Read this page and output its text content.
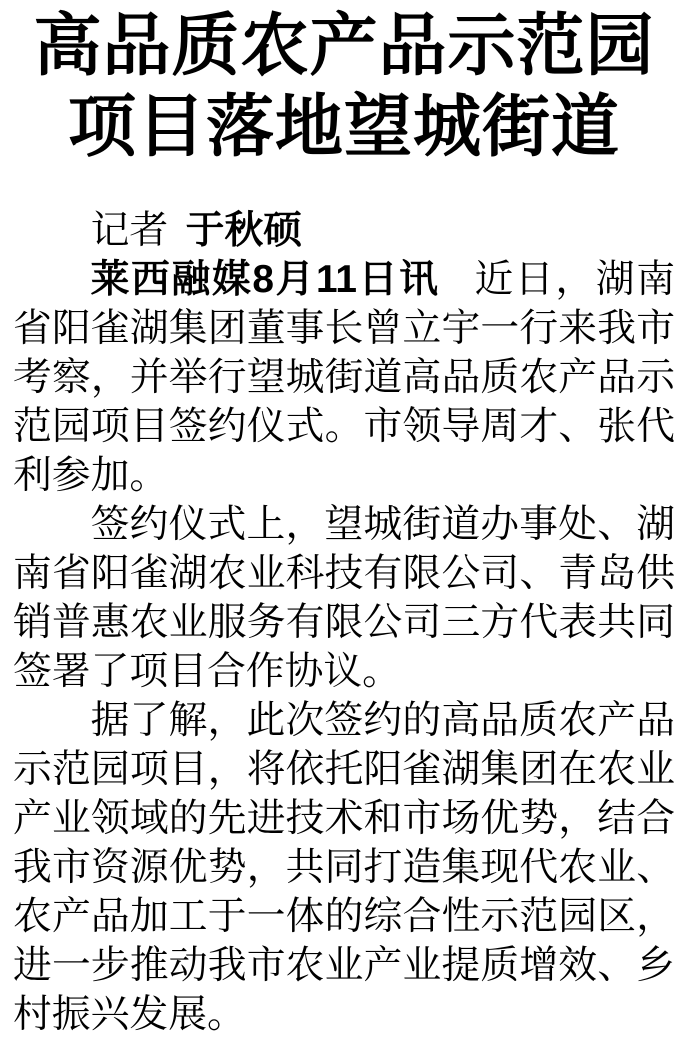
高品质农产品示范园
项目落地望城街道

记者 于秋硕

莱西融媒8月11日讯 近日，湖南省阳雀湖集团董事长曾立宇一行来我市考察，并举行望城街道高品质农产品示范园项目签约仪式。市领导周才、张代利参加。

签约仪式上，望城街道办事处、湖南省阳雀湖农业科技有限公司、青岛供销普惠农业服务有限公司三方代表共同签署了项目合作协议。

据了解，此次签约的高品质农产品示范园项目，将依托阳雀湖集团在农业产业领域的先进技术和市场优势，结合我市资源优势，共同打造集现代农业、农产品加工于一体的综合性示范园区，进一步推动我市农业产业提质增效、乡村振兴发展。
